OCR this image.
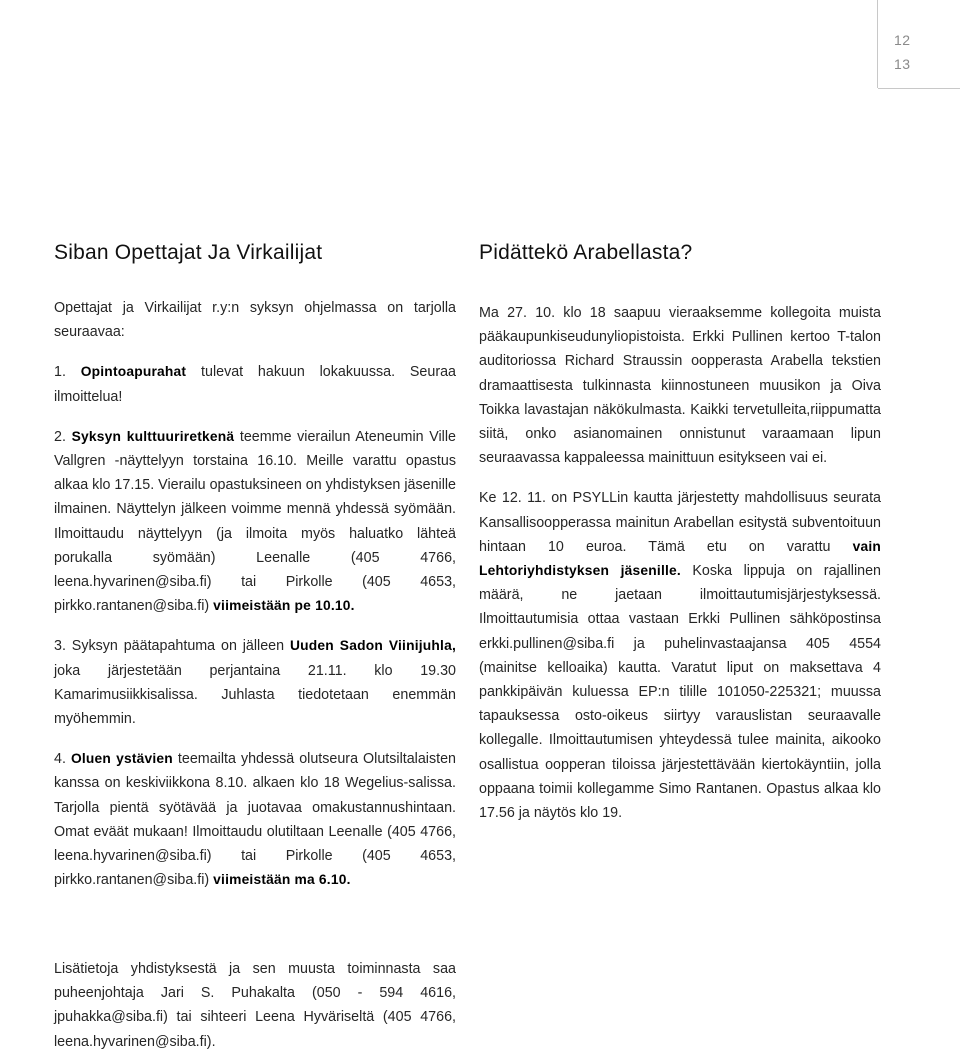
12
13
Siban Opettajat Ja Virkailijat

Opettajat ja Virkailijat r.y:n syksyn ohjelmassa on tarjolla seuraavaa:

1. Opintoapurahat tulevat hakuun lokakuussa. Seuraa ilmoittelua!

2. Syksyn kulttuuriretkenä teemme vierailun Ateneumin Ville Vallgren -näyttelyyn torstaina 16.10. Meille varattu opastus alkaa klo 17.15. Vierailu opastuksineen on yhdistyksen jäsenille ilmainen. Näyttelyn jälkeen voimme mennä yhdessä syömään. Ilmoittaudu näyttelyyn (ja ilmoita myös haluatko lähteä porukalla syömään) Leenalle (405 4766, leena.hyvarinen@siba.fi) tai Pirkolle (405 4653, pirkko.rantanen@siba.fi) viimeistään pe 10.10.

3. Syksyn päätapahtuma on jälleen Uuden Sadon Viinijuhla, joka järjestetään perjantaina 21.11. klo 19.30 Kamarimusiikkisalissa. Juhlasta tiedotetaan enemmän myöhemmin.

4. Oluen ystävien teemailta yhdessä olutseura Olutsiltalaisten kanssa on keskiviikkona 8.10. alkaen klo 18 Wegelius-salissa. Tarjolla pientä syötävää ja juotavaa omakustannushintaan. Omat eväät mukaan! Ilmoittaudu olutiltaan Leenalle (405 4766, leena.hyvarinen@siba.fi) tai Pirkolle (405 4653, pirkko.rantanen@siba.fi) viimeistään ma 6.10.

Lisätietoja yhdistyksestä ja sen muusta toiminnasta saa puheenjohtaja Jari S. Puhakalta (050 - 594 4616, jpuhakka@siba.fi) tai sihteeri Leena Hyväriseltä (405 4766, leena.hyvarinen@siba.fi).

Pidättekö Arabellasta?

Ma 27. 10. klo 18 saapuu vieraaksemme kollegoita muista pääkaupunkiseudunyliopistoista. Erkki Pullinen kertoo T-talon auditoriossa Richard Straussin oopperasta Arabella tekstien dramaattisesta tulkinnasta kiinnostuneen muusikon ja Oiva Toikka lavastajan näkökulmasta. Kaikki tervetulleita,riippumatta siitä, onko asianomainen onnistunut varaamaan lipun seuraavassa kappaleessa mainittuun esitykseen vai ei.

Ke 12. 11. on PSYLLin kautta järjestetty mahdollisuus seurata Kansallisoopperassa mainitun Arabellan esitystä subventoituun hintaan 10 euroa. Tämä etu on varattu vain Lehtoriyhdistyksen jäsenille. Koska lippuja on rajallinen määrä, ne jaetaan ilmoittautumisjärjestyksessä. Ilmoittautumisia ottaa vastaan Erkki Pullinen sähköpostinsa erkki.pullinen@siba.fi ja puhelinvastaajansa 405 4554 (mainitse kelloaika) kautta. Varatut liput on maksettava 4 pankkipäivän kuluessa EP:n tilille 101050-225321; muussa tapauksessa osto-oikeus siirtyy varauslistan seuraavalle kollegalle. Ilmoittautumisen yhteydessä tulee mainita, aikooko osallistua oopperan tiloissa järjestettävään kiertokäyntiin, jolla oppaana toimii kollegamme Simo Rantanen. Opastus alkaa klo 17.56 ja näytös klo 19.
